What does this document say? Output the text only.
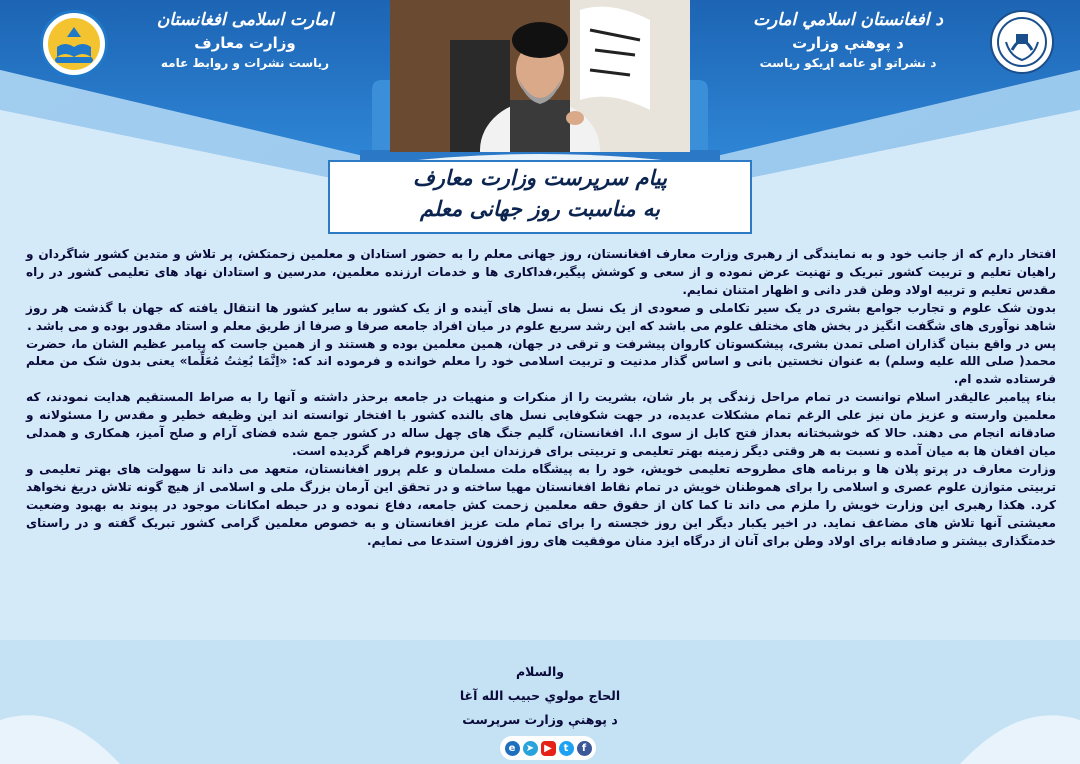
امارت اسلامی افغانستان
وزارت معارف
ریاست نشرات و روابط عامه
د افغانستان اسلامي امارت
د پوهنې وزارت
د نشراتو او عامه اړیکو ریاست
پیام سرپرست وزارت معارف
به مناسبت روز جهانی معلم

افتخار دارم که از جانب خود و به نمایندگی از رهبری وزارت معارف افغانستان، روز جهانی معلم را به حضور استادان و معلمین زحمتکش، پر تلاش و متدین کشور شاگردان و راهیان تعلیم و تربیت کشور تبریک و تهنیت عرض نموده و از سعی و کوشش پیگیر،فداکاری ها و خدمات ارزنده معلمین، مدرسین و استادان نهاد های تعلیمی کشور در راه مقدس تعلیم و تربیه اولاد وطن قدر دانی و اظهار امتنان نمایم.

بدون شک علوم و تجارب جوامع بشری در یک سیر تکاملی و صعودی از یک نسل به نسل های آینده و از یک کشور به سایر کشور ها انتقال یافته که جهان با گذشت هر روز شاهد نوآوری های شگفت انگیز در بخش های مختلف علوم می باشد که این رشد سریع علوم در میان افراد جامعه صرفا و صرفا از طریق معلم و استاد مقدور بوده و می باشد .

پس در واقع بنیان گذاران اصلی تمدن بشری، پیشکسوتان کاروان پیشرفت و ترقی در جهان، همین معلمین بوده و هستند و از همین جاست که پیامبر عظیم الشان ما، حضرت محمد( صلی الله علیه وسلم) به عنوان نخستین بانی و اساس گذار مدنیت و تربیت اسلامی خود را معلم خوانده و فرموده اند که: «اِنَّمَا بُعِثتُ مُعَلِّما» یعنی بدون شک من معلم فرستاده شده ام.

بناء پیامبر عالیقدر اسلام توانست در تمام مراحل زندگی پر بار شان، بشریت را از منکرات و منهیات در جامعه برحذر داشته و آنها را به صراط المستقیم هدایت نمودند، که معلمین وارسته و عزیز مان نیز علی الرغم تمام مشکلات عدیده، در جهت شکوفایی نسل های بالنده کشور با افتخار توانسته اند این وظیفه خطیر و مقدس را مسئولانه و صادقانه انجام می دهند. حالا که خوشبختانه بعداز فتح کابل از سوی ا.ا. افغانستان، گلیم جنگ های چهل ساله در کشور جمع شده فضای آرام و صلح آمیز، همکاری و همدلی میان افغان ها به میان آمده و نسبت به هر وقتی دیگر زمینه بهتر تعلیمی و تربیتی برای فرزندان این مرزوبوم فراهم گردیده است.

وزارت معارف در پرتو پلان ها و برنامه های مطروحه تعلیمی خویش، خود را به پیشگاه ملت مسلمان و علم پرور افغانستان، متعهد می داند تا سهولت های بهتر تعلیمی و تربیتی متوازن علوم عصری و اسلامی را برای هموطنان خویش در تمام نقاط افغانستان مهیا ساخته و در تحقق این آرمان بزرگ ملی و اسلامی از هیچ گونه تلاش دریغ نخواهد کرد. هکذا رهبری این وزارت خویش را ملزم می داند تا کما کان از حقوق حقه معلمین زحمت کش جامعه، دفاع نموده و در حیطه امکانات موجود در پیوند به بهبود وضعیت معیشتی آنها تلاش های مضاعف نماید. در اخیر یکبار دیگر این روز خجسته را برای تمام ملت عزیز افغانستان و به خصوص معلمین گرامی کشور تبریک گفته و در راستای خدمتگذاری بیشتر و صادقانه برای اولاد وطن برای آنان از درگاه ایزد منان موفقیت های روز افزون استدعا می نمایم.

والسلام
الحاج مولوي حبیب الله آغا
د پوهنې وزارت سرپرست
f
t
▶
➤
e
